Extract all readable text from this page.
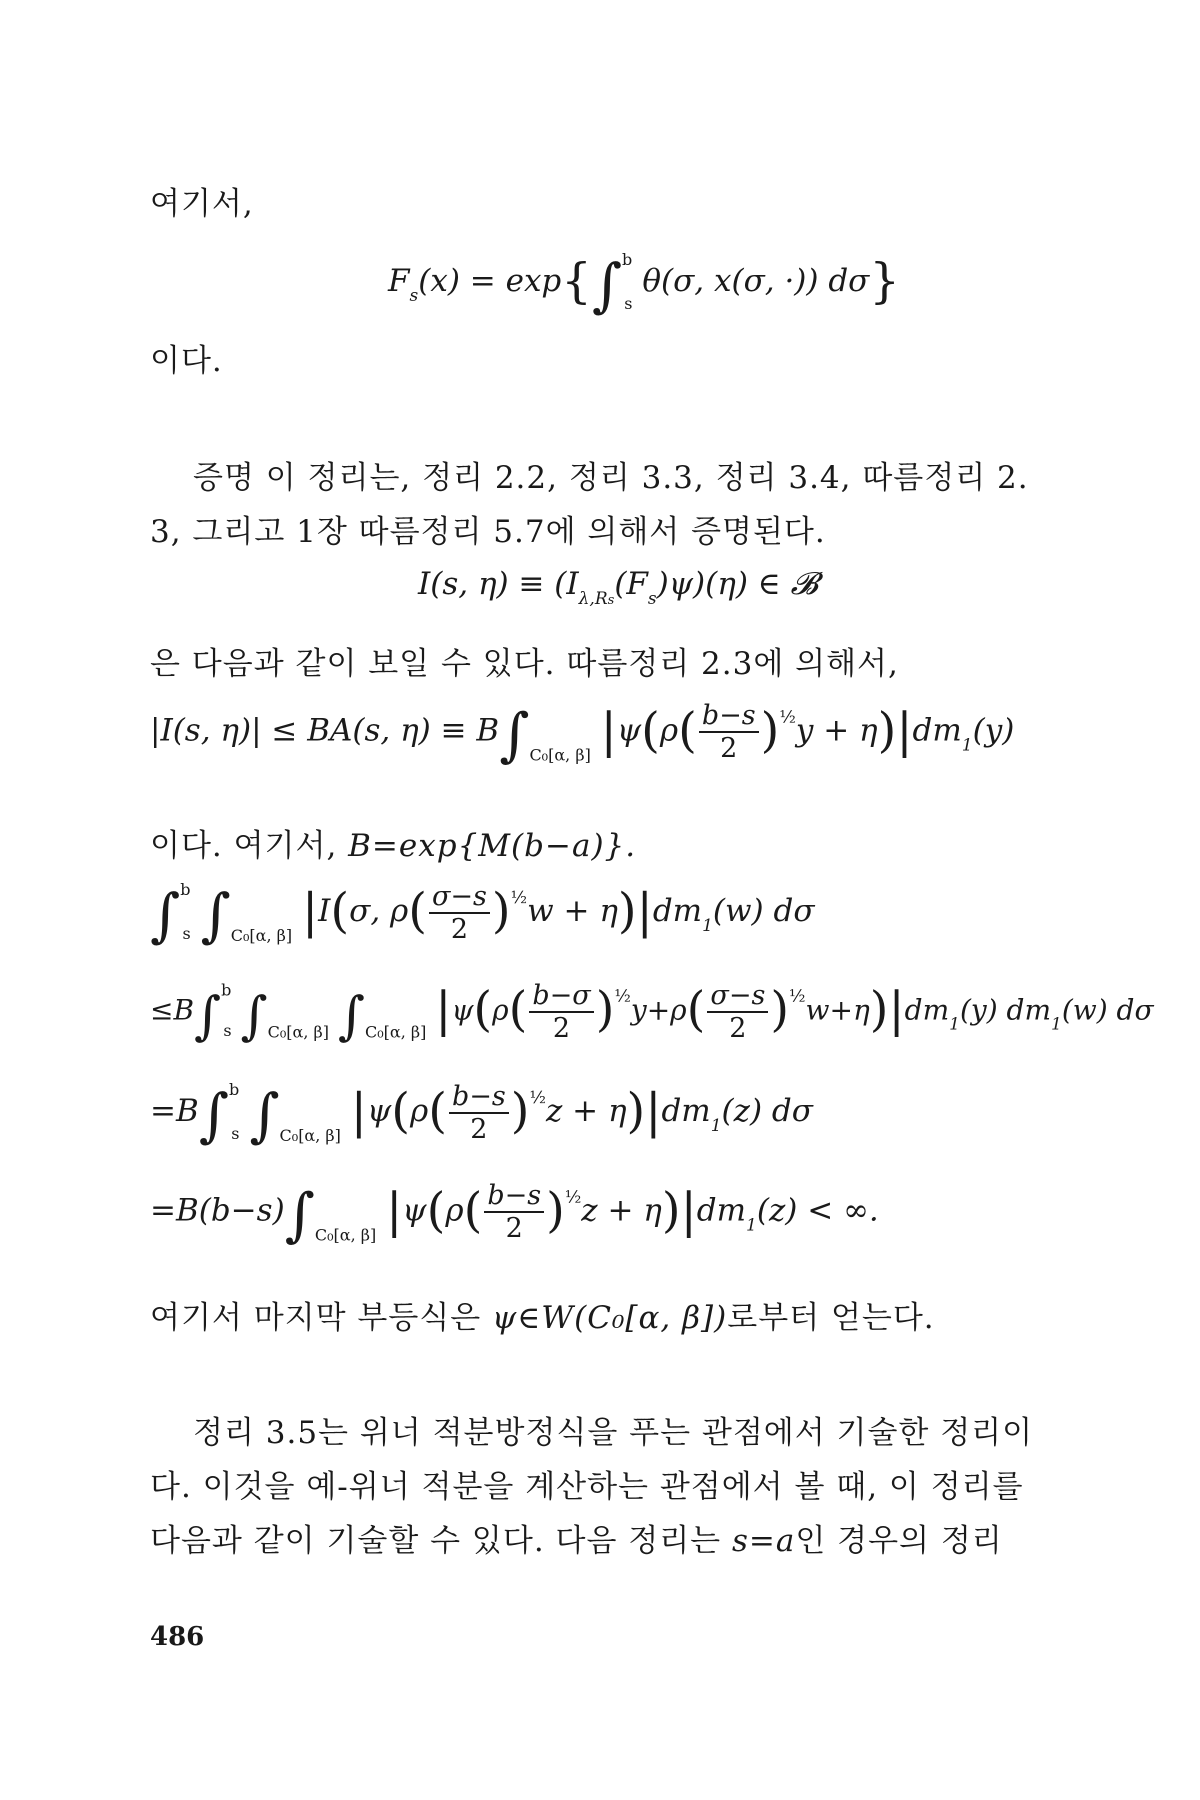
여기서,
$F_s(x) = \exp\{\int^b_s$ θ(σ, x(σ, ·)) dσ}
이다.
증명 이 정리는, 정리 2.2, 정리 3.3, 정리 3.4, 따름정리 2.
3, 그리고 1장 따름정리 5.7에 의해서 증명된다.
I(s, $\eta) \equiv (I_{\lambda,Rs}(F_s)\psi)(\eta)$ ∈ 𝓑
은 다음과 같이 보일 수 있다. 따름정리 2.3에 의해서,
|I(s, η)| ≤ BA(s, $\eta) \equiv B\int_{C_0[\alpha, \beta]}$ $|\psi(\rho( \frac{b-s}{2} )^{\frac{1}{2}}y + \eta)|dm_1(y)$
이다. 여기서, B=exp{M(b−a)}.
∫$^b_s$ $\int_{C_0[\alpha, \beta]}$ |I(σ, $\rho( \frac{\sigma-s}{2} )^{\frac{1}{2}}w + \eta)|dm_1(w)$ dσ
≤B∫$^b_s$ $\int_{C_0[\alpha, \beta]}$ $\int_{C_0[\alpha, \beta]}$ $|\psi(\rho( \frac{b-\sigma}{2} )^{\frac{1}{2}}y+\rho( \frac{\sigma-s}{2} )^{\frac{1}{2}}w+\eta)|dm_1(y)$ $dm_1(w)$ dσ
=B∫$^b_s$ $\int_{C_0[\alpha, \beta]}$ $|\psi(\rho( \frac{b-s}{2} )^{\frac{1}{2}}z + \eta)|dm_1(z)$ dσ
$=B(b-s)\int_{C_0[\alpha, \beta]}$ $|\psi(\rho( \frac{b-s}{2} )^{\frac{1}{2}}z + \eta)|dm_1(z)$ < ∞.
여기서 마지막 부등식은 ψ∈W(C₀[α, β])로부터 얻는다.
정리 3.5는 위너 적분방정식을 푸는 관점에서 기술한 정리이
다. 이것을 예-위너 적분을 계산하는 관점에서 볼 때, 이 정리를
다음과 같이 기술할 수 있다. 다음 정리는 s=a인 경우의 정리
486
